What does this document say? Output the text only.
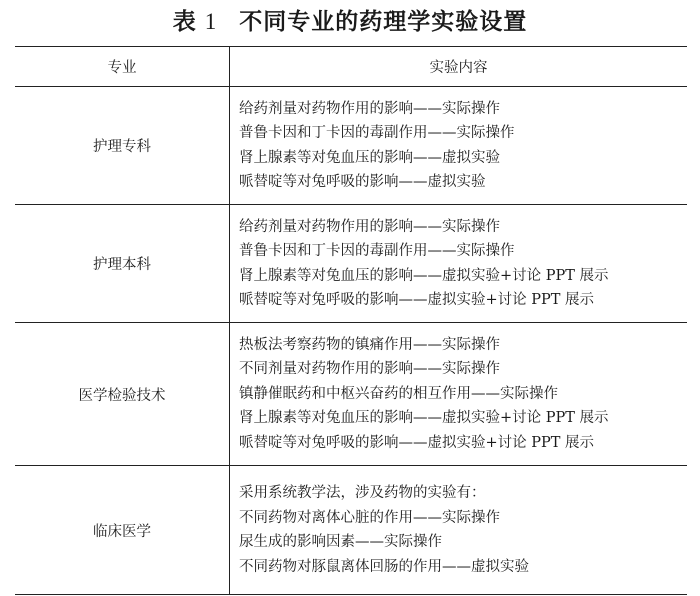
表 1 不同专业的药理学实验设置
专业	实验内容
护理专科	给药剂量对药物作用的影响——实际操作
普鲁卡因和丁卡因的毒副作用——实际操作
肾上腺素等对兔血压的影响——虚拟实验
哌替啶等对兔呼吸的影响——虚拟实验

护理本科	给药剂量对药物作用的影响——实际操作
普鲁卡因和丁卡因的毒副作用——实际操作
肾上腺素等对兔血压的影响——虚拟实验+讨论 PPT 展示
哌替啶等对兔呼吸的影响——虚拟实验+讨论 PPT 展示

医学检验技术	热板法考察药物的镇痛作用——实际操作
不同剂量对药物作用的影响——实际操作
镇静催眠药和中枢兴奋药的相互作用——实际操作
肾上腺素等对兔血压的影响——虚拟实验+讨论 PPT 展示
哌替啶等对兔呼吸的影响——虚拟实验+讨论 PPT 展示

临床医学	采用系统教学法，涉及药物的实验有：
不同药物对离体心脏的作用——实际操作
尿生成的影响因素——实际操作
不同药物对豚鼠离体回肠的作用——虚拟实验
